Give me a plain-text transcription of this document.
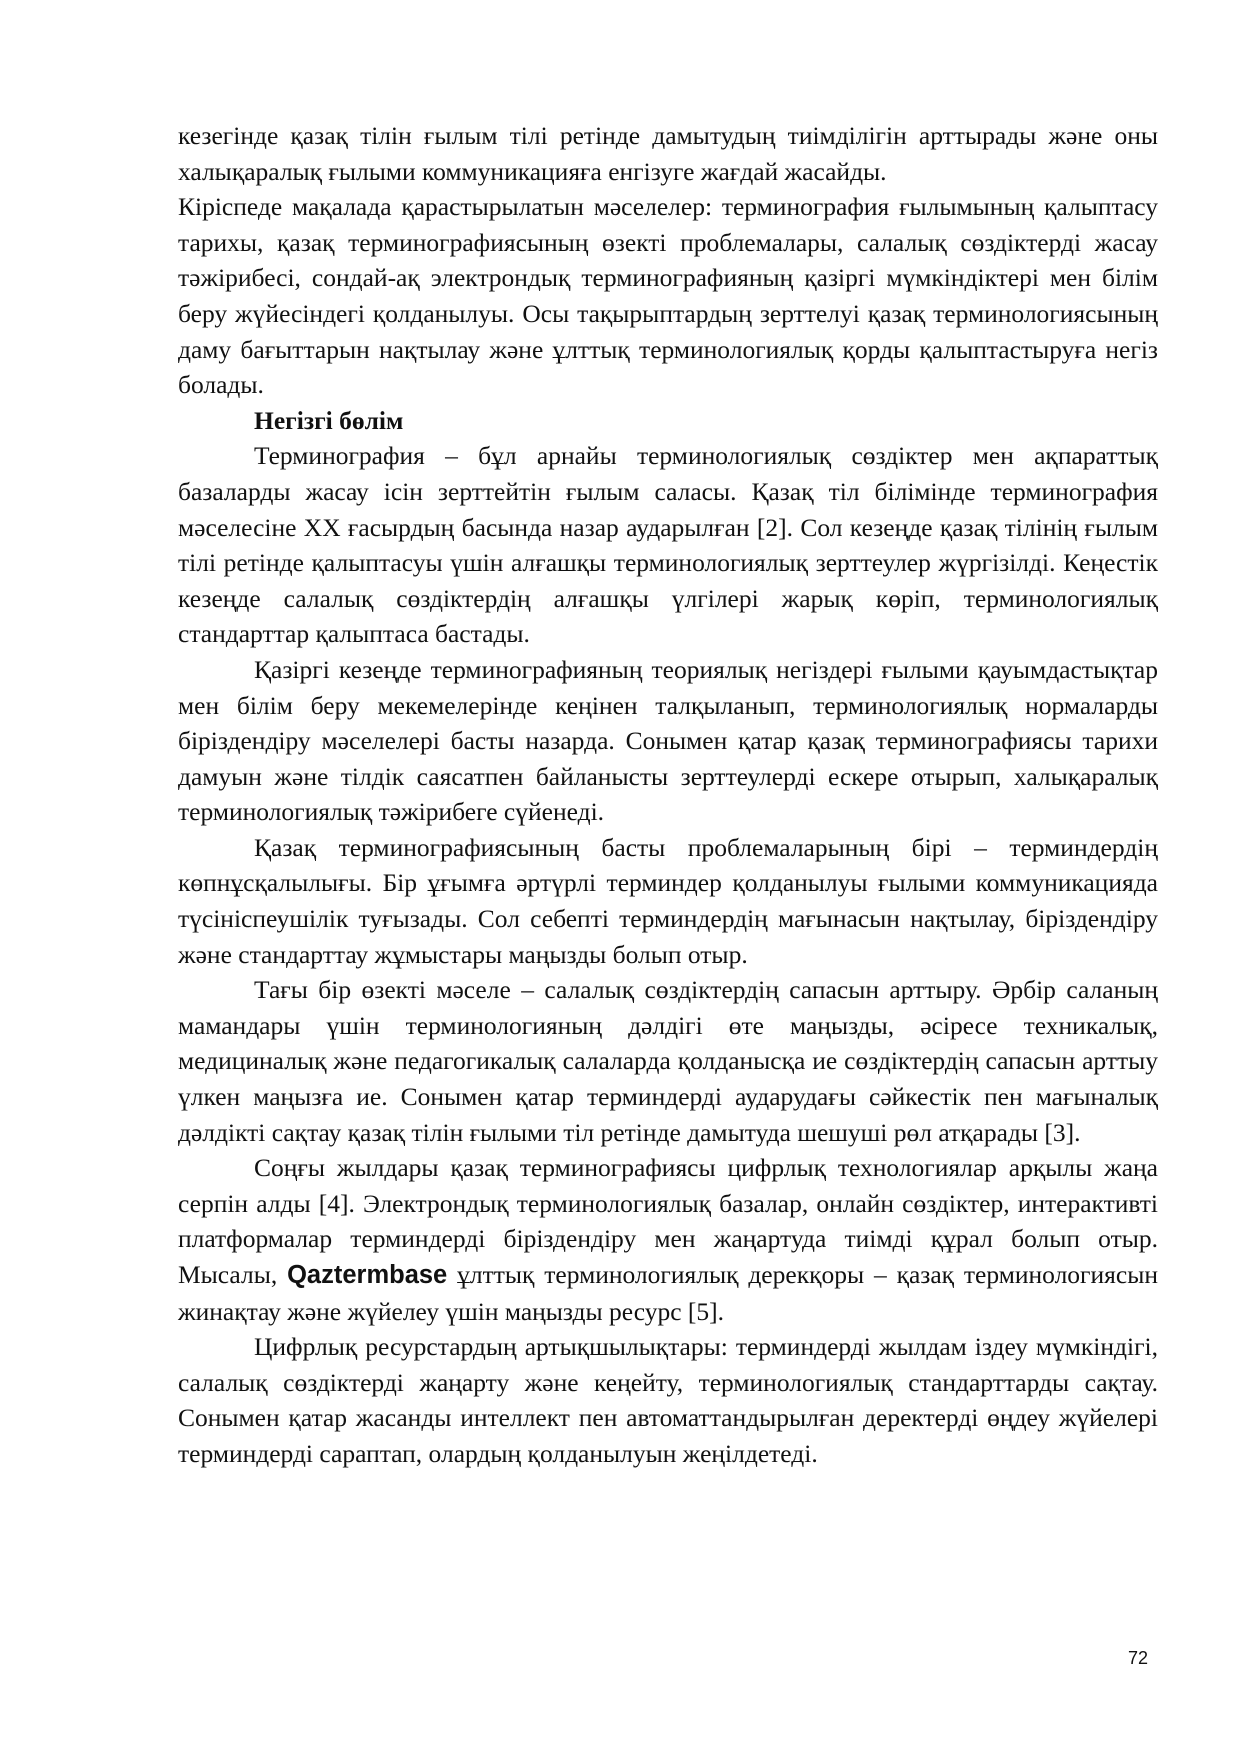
кезегінде қазақ тілін ғылым тілі ретінде дамытудың тиімділігін арттырады және оны халықаралық ғылыми коммуникацияға енгізуге жағдай жасайды.

Кіріспеде мақалада қарастырылатын мәселелер: терминография ғылымының қалыптасу тарихы, қазақ терминографиясының өзекті проблемалары, салалық сөздіктерді жасау тәжірибесі, сондай-ақ электрондық терминографияның қазіргі мүмкіндіктері мен білім беру жүйесіндегі қолданылуы. Осы тақырыптардың зерттелуі қазақ терминологиясының даму бағыттарын нақтылау және ұлттық терминологиялық қорды қалыптастыруға негіз болады.

Негізгі бөлім

Терминография – бұл арнайы терминологиялық сөздіктер мен ақпараттық базаларды жасау ісін зерттейтін ғылым саласы. Қазақ тіл білімінде терминография мәселесіне ХХ ғасырдың басында назар аударылған [2]. Сол кезеңде қазақ тілінің ғылым тілі ретінде қалыптасуы үшін алғашқы терминологиялық зерттеулер жүргізілді. Кеңестік кезеңде салалық сөздіктердің алғашқы үлгілері жарық көріп, терминологиялық стандарттар қалыптаса бастады.

Қазіргі кезеңде терминографияның теориялық негіздері ғылыми қауымдастықтар мен білім беру мекемелерінде кеңінен талқыланып, терминологиялық нормаларды біріздендіру мәселелері басты назарда. Сонымен қатар қазақ терминографиясы тарихи дамуын және тілдік саясатпен байланысты зерттеулерді ескере отырып, халықаралық терминологиялық тәжірибеге сүйенеді.

Қазақ терминографиясының басты проблемаларының бірі – терминдердің көпнұсқалылығы. Бір ұғымға әртүрлі терминдер қолданылуы ғылыми коммуникацияда түсініспеушілік туғызады. Сол себепті терминдердің мағынасын нақтылау, біріздендіру және стандарттау жұмыстары маңызды болып отыр.

Тағы бір өзекті мәселе – салалық сөздіктердің сапасын арттыру. Әрбір саланың мамандары үшін терминологияның дәлдігі өте маңызды, әсіресе техникалық, медициналық және педагогикалық салаларда қолданысқа ие сөздіктердің сапасын арттыу үлкен маңызға ие. Сонымен қатар терминдерді аударудағы сәйкестік пен мағыналық дәлдікті сақтау қазақ тілін ғылыми тіл ретінде дамытуда шешуші рөл атқарады [3].

Соңғы жылдары қазақ терминографиясы цифрлық технологиялар арқылы жаңа серпін алды [4]. Электрондық терминологиялық базалар, онлайн сөздіктер, интерактивті платформалар терминдерді біріздендіру мен жаңартуда тиімді құрал болып отыр. Мысалы, Qaztermbase ұлттық терминологиялық дерекқоры – қазақ терминологиясын жинақтау және жүйелеу үшін маңызды ресурс [5].

Цифрлық ресурстардың артықшылықтары: терминдерді жылдам іздеу мүмкіндігі, салалық сөздіктерді жаңарту және кеңейту, терминологиялық стандарттарды сақтау. Сонымен қатар жасанды интеллект пен автоматтандырылған деректерді өңдеу жүйелері терминдерді сараптап, олардың қолданылуын жеңілдетеді.

72
